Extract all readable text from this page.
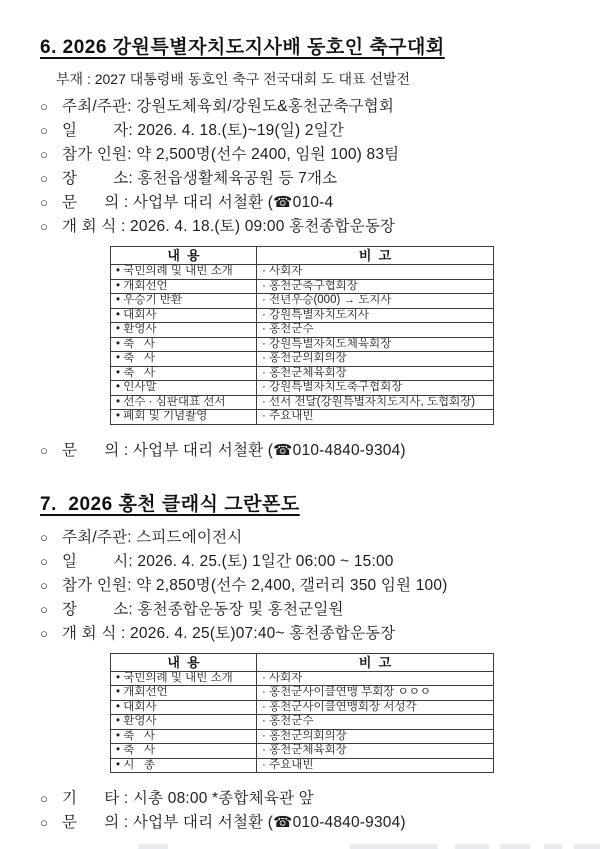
6. 2026 강원특별자치도지사배 동호인 축구대회
부재 : 2027 대통령배 동호인 축구 전국대회 도 대표 선발전
○ 주최/주관: 강원도체육회/강원도&홍천군축구협회
○ 일        자: 2026. 4. 18.(토)~19(일) 2일간
○ 참가 인원: 약 2,500명(선수 2400, 임원 100) 83팀
○ 장        소: 홍천읍생활체육공원 등 7개소
○ 문      의 : 사업부 대리 서철환 (☎010-4
○ 개 회 식 : 2026. 4. 18.(토) 09:00 홍천종합운동장
내  용	비  고
• 국민의례 및 내빈 소개	· 사회자
• 개회선언	· 홍천군축구협회장
• 우승기 반환	· 전년우승(000) → 도지사
• 대회사	· 강원특별자치도지사
• 환영사	· 홍천군수
• 축   사	· 강원특별자치도체육회장
• 축   사	· 홍천군의회의장
• 축   사	· 홍천군체육회장
• 인사말	· 강원특별자치도축구협회장
• 선수 · 심판대표 선서	· 선서 전달(강원특별자치도지사, 도협회장)
• 폐회 및 기념촬영	· 주요내빈
○ 문      의 : 사업부 대리 서철환 (☎010-4840-9304)
7.  2026 홍천 클래식 그란폰도
○ 주최/주관: 스피드에이전시
○ 일        시: 2026. 4. 25.(토) 1일간 06:00 ~ 15:00
○ 참가 인원: 약 2,850명(선수 2,400, 갤러리 350 임원 100)
○ 장        소: 홍천종합운동장 및 홍천군일원
○ 개 회 식 : 2026. 4. 25(토)07:40~ 홍천종합운동장
내  용	비  고
• 국민의례 및 내빈 소개	· 사회자
• 개회선언	· 홍천군사이클연맹 부회장 ㅇㅇㅇ
• 대회사	· 홍천군사이클연맹회장 서성각
• 환영사	· 홍천군수
• 축   사	· 홍천군의회의장
• 축   사	· 홍천군체육회장
• 시   총	· 주요내빈
○ 기      타 : 시총 08:00 *종합체육관 앞
○ 문      의 : 사업부 대리 서철환 (☎010-4840-9304)
